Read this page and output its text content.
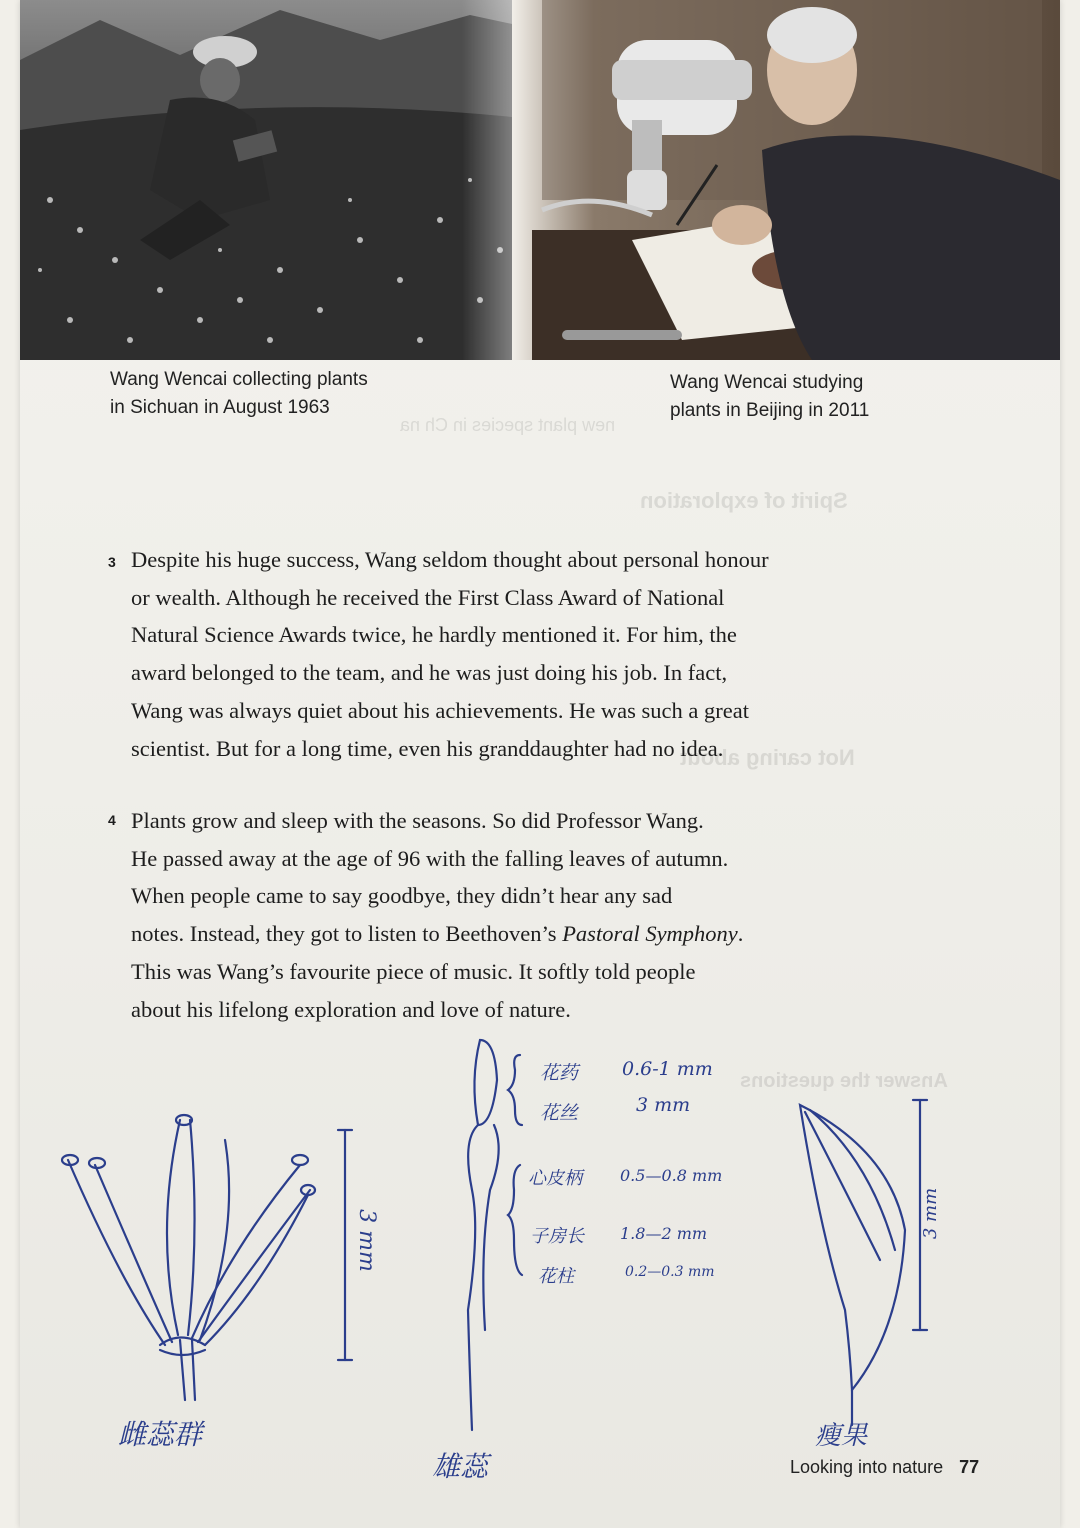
Wang Wencai collecting plants
in Sichuan in August 1963
Wang Wencai studying
plants in Beijing in 2011
new plant species in Ch na
Spirit of exploration
Not caring about
Answer the questions
3 Despite his huge success, Wang seldom thought about personal honour

or wealth. Although he received the First Class Award of National

Natural Science Awards twice, he hardly mentioned it. For him, the

award belonged to the team, and he was just doing his job. In fact,

Wang was always quiet about his achievements. He was such a great

scientist. But for a long time, even his granddaughter had no idea.

4 Plants grow and sleep with the seasons. So did Professor Wang.

He passed away at the age of 96 with the falling leaves of autumn.

When people came to say goodbye, they didn’t hear any sad

notes. Instead, they got to listen to Beethoven’s Pastoral Symphony.

This was Wang’s favourite piece of music. It softly told people

about his lifelong exploration and love of nature.

雌蕊群
3 mm
雄蕊
花药 0.6-1 mm
花丝	3 mm
心皮柄 0.5—0.8 mm
子房长 1.8—2 mm
花柱	0.2—0.3 mm
瘦果
3 mm
Looking into nature 77
